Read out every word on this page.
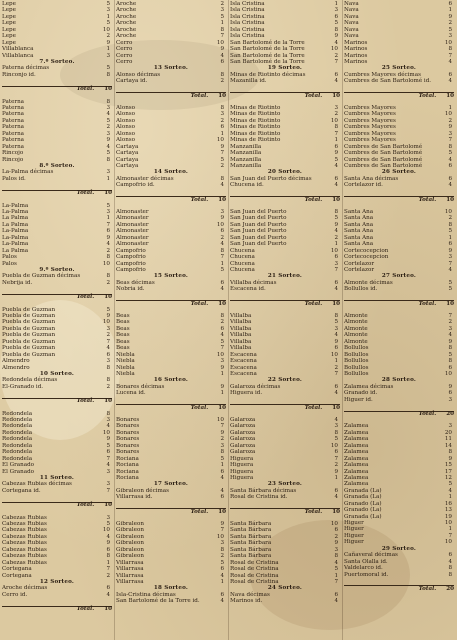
Lepe	5
Lepe	3
Lepe	1
Lepe	5
Lepe	10
Lepe	2
Lepe	9
Villablanca	1
Villablanca	3
7.º Sorteo.
Paterna décimas	5
Rinconjo id.	8
Total. 10
Paterna	8
Paterna	3
Paterna	4
Paterna	5
Paterna	2
Paterna	3
Paterna	9
Paterna	4
Rincojo	5
Rincojo	8
8.º Sorteo.
La-Palma décimas	3
Palos id.	1
Total. 10
La-Palma	5
La-Palma	3
La Palma	1
La Palma	7
La-Palma	6
La-Palma	9
La-Palma	4
La Palma	2
Palos	8
Palos	10
9.º Sorteo.
Puebla de Guzman décimas	8
Nebrija id.	2
Total. 10
Puebla de Guzman	5
Puebla de Guzman	9
Puebla de Guzman	10
Puebla de Guzman	3
Puebla de Guzman	2
Puebla de Guzman	7
Puebla de Guzman	4
Puebla de Guzman	6
Almendro	3
Almendro	8
10 Sorteo.
Redondela décimas	8
El-Granado id.	2
Total. 10
Redondela	8
Redondela	3
Redondela	4
Redondela	10
Redondela	9
Redondela	5
Redondela	6
Redondela	7
El Granado	4
El Granado	3
11 Sorteo.
Cabezas Rubias décimas	3
Cortegana id.	7
Total. 10
Cabezas Rubias	3
Cabezas Rubias	5
Cabezas Rubias	10
Cabezas Rubias	4
Cabezas Rubias	9
Cabezas Rubias	6
Cabezas Rubias	8
Cabezas Rubias	1
Cortegana	7
Cortegana	2
12 Sorteo.
Aroche décimas	6
Cerro id.	4
Total. 10
Aroche	2
Aroche	3
Aroche	5
Aroche	1
Aroche	8
Aroche	7
Cerro	10
Cerro	9
Cerro	4
Cerro	6
13 Sorteo.
Alonso décimas	8
Cartaya id.	2
Total. 10
Alonso	8
Alonso	3
Alonso	2
Alonso	6
Alonso	1
Alonso	10
Cartaya	9
Cartaya	7
Cartaya	5
Cartaya	2
14 Sorteo.
Almonaster décimas	8
Campofrio id.	4
Total. 10
Almonaster	3
Almonaster	9
Almonaster	10
Almonaster	6
Almonaster	2
Almonaster	4
Campofrio	8
Campofrio	7
Campofrio	1
Campofrio	5
15 Sorteo.
Beas décimas	6
Nobria id.	4
Total. 10
Beas	8
Beas	2
Beas	6
Beas	4
Beas	5
Beas	7
Niebla	10
Niebla	3
Niebla	9
Niebla	1
16 Sorteo.
Bonares décimas	9
Lucena id.	1
Total. 10
Bonares	10
Bonares	7
Bonares	9
Bonares	2
Bonares	3
Bonares	8
Rociana	5
Rociana	1
Rociana	6
Rociana	4
17 Sorteo.
Gibraleon décimas	4
Villarrasa id.	6
Total. 10
Gibraleon	9
Gibraleon	7
Gibraleon	10
Gibraleon	3
Gibraleon	8
Gibraleon	2
Villarrasa	5
Villarrasa	6
Villarrasa	4
Villarrasa	1
18 Sorteo.
Isla-Cristina décimas	6
San Bartolomé de la Torre id.	4
Isla Cristina	1
Isla Cristina	3
Isla Cristina	6
Isla Cristina	5
Isla Cristina	8
Isla Cristina	9
San Bartolomé de la Torre	4
San Bartolomé de la Torre	10
San Bartolomé de la Torre	2
San Bartolomé de la Torre	7
19 Sorteo.
Minas de Riotinto décimas	6
Mazanilla id.	4
Total. 10
Minas de Riotinto	3
Minas de Riotinto	2
Minas de Riotinto	10
Minas de Riotinto	8
Minas de Riotinto	7
Minas de Riotinto	1
Manzanilla	6
Manzanilla	9
Manzanilla	5
Manzanilla	4
20 Sorteo.
San Juan del Puerto décimas	6
Chucena id.	4
Total. 10
San Juan del Puerto	8
San Juan del Puerto	5
San Juan del Puerto	9
San Juan del Puerto	4
San Juan del Puerto	2
San Juan del Puerto	1
Chucena	10
Chucena	6
Chucena	3
Chucena	7
21 Sorteo.
Villalba décimas	6
Escacena id.	4
Total. 10
Villalba	8
Villalba	5
Villalba	3
Villalba	4
Villalba	9
Villalba	6
Escacena	10
Escacena	1
Escacena	2
Escacena	7
22 Sorteo.
Galaroza décimas	6
Higuera id.	4
Total. 10
Galaroza	4
Galaroza	3
Galaroza	8
Galaroza	5
Galaroza	10
Galaroza	6
Higuera	7
Higuera	2
Higuera	9
Higuera	1
23 Sorteo.
Santa Bárbara décimas	6
Rosal de Cristina id.	4
Total. 10
Santa Bárbara	10
Santa Bárbara	6
Santa Bárbara	2
Santa Bárbara	9
Santa Bárbara	3
Santa Bárbara	8
Rosal de Cristina	4
Rosal de Cristina	5
Rosal de Cristina	1
Rosal de Cristina	7
24 Sorteo.
Nava décimas	6
Marinos id.	4
Nava	6
Nava	1
Nava	9
Nava	2
Nava	5
Nava	3
Marinos	10
Marinos	8
Marinos	7
Marinos	4
25 Sorteo.
Cumbres Mayores décimas	6
Cumbres de San Bartolomé id.	4
Total. 10
Cumbres Mayores	1
Cumbres Mayores	10
Cumbres Mayores	2
Cumbres Mayores	9
Cumbres Mayores	3
Cumbres Mayores	7
Cumbres de San Bartolomé	8
Cumbres de San Bartolomé	5
Cumbres de San Bartolomé	4
Cumbres de San Bartolomé	6
26 Sorteo.
Santa Ana décimas	6
Cortelazor id.	4
Total. 10
Santa Ana	10
Santa Ana	2
Santa Ana	8
Santa Ana	5
Santa Ana	1
Santa Ana	6
Cortecocepcion	9
Cortecocepcion	3
Cortelazor	7
Cortelazor	4
27 Sorteo.
Almonte décimas	5
Bollullos id.	5
Total. 10
Almonte	7
Almonte	2
Almonte	3
Almonte	4
Almonte	9
Bollullos	8
Bollullos	5
Bollullos	8
Bollullos	6
Bollullos	10
28 Sorteo.
Zalamea décimas	9
Granado id.	6
Higuer id.	3
Total. 20
Zalamea	3
Zalamea	20
Zalamea	11
Zalamea	14
Zalamea	8
Zalamea	9
Zalamea	15
Zalamea	17
Zalamea	12
Zalamea	5
Granada (La)	4
Granada (La)	1
Granado (La)	16
Granado (La)	13
Granada (La)	19
Higuer	10
Higuer	1
Higuer	7
Higuer	10
29 Sorteo.
Cañaveral décimas	6
Santa Olalla id.	4
Valdelarco id.	8
Puertomoral id.	8
Total. 20
